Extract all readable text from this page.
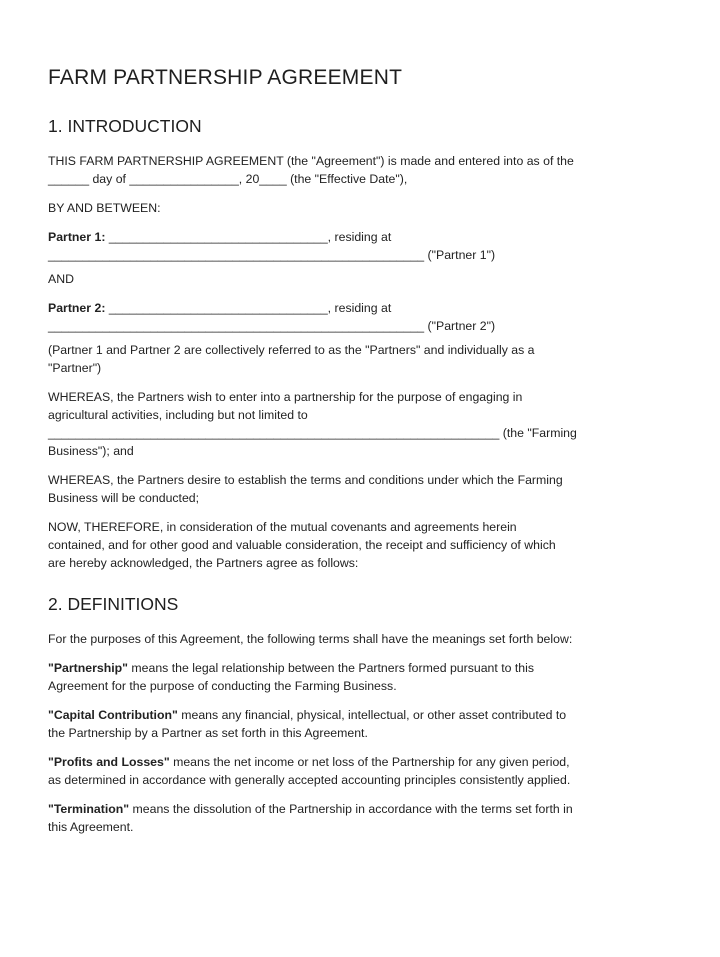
FARM PARTNERSHIP AGREEMENT
1. INTRODUCTION

THIS FARM PARTNERSHIP AGREEMENT (the "Agreement") is made and entered into as of the
______ day of ________________, 20____ (the "Effective Date"),

BY AND BETWEEN:

Partner 1: ________________________________, residing at
_______________________________________________________ ("Partner 1")

AND

Partner 2: ________________________________, residing at
_______________________________________________________ ("Partner 2")

(Partner 1 and Partner 2 are collectively referred to as the "Partners" and individually as a
"Partner")

WHEREAS, the Partners wish to enter into a partnership for the purpose of engaging in
agricultural activities, including but not limited to
__________________________________________________________________ (the "Farming
Business"); and

WHEREAS, the Partners desire to establish the terms and conditions under which the Farming
Business will be conducted;

NOW, THEREFORE, in consideration of the mutual covenants and agreements herein
contained, and for other good and valuable consideration, the receipt and sufficiency of which
are hereby acknowledged, the Partners agree as follows:

2. DEFINITIONS

For the purposes of this Agreement, the following terms shall have the meanings set forth below:

"Partnership" means the legal relationship between the Partners formed pursuant to this
Agreement for the purpose of conducting the Farming Business.

"Capital Contribution" means any financial, physical, intellectual, or other asset contributed to
the Partnership by a Partner as set forth in this Agreement.

"Profits and Losses" means the net income or net loss of the Partnership for any given period,
as determined in accordance with generally accepted accounting principles consistently applied.

"Termination" means the dissolution of the Partnership in accordance with the terms set forth in
this Agreement.
